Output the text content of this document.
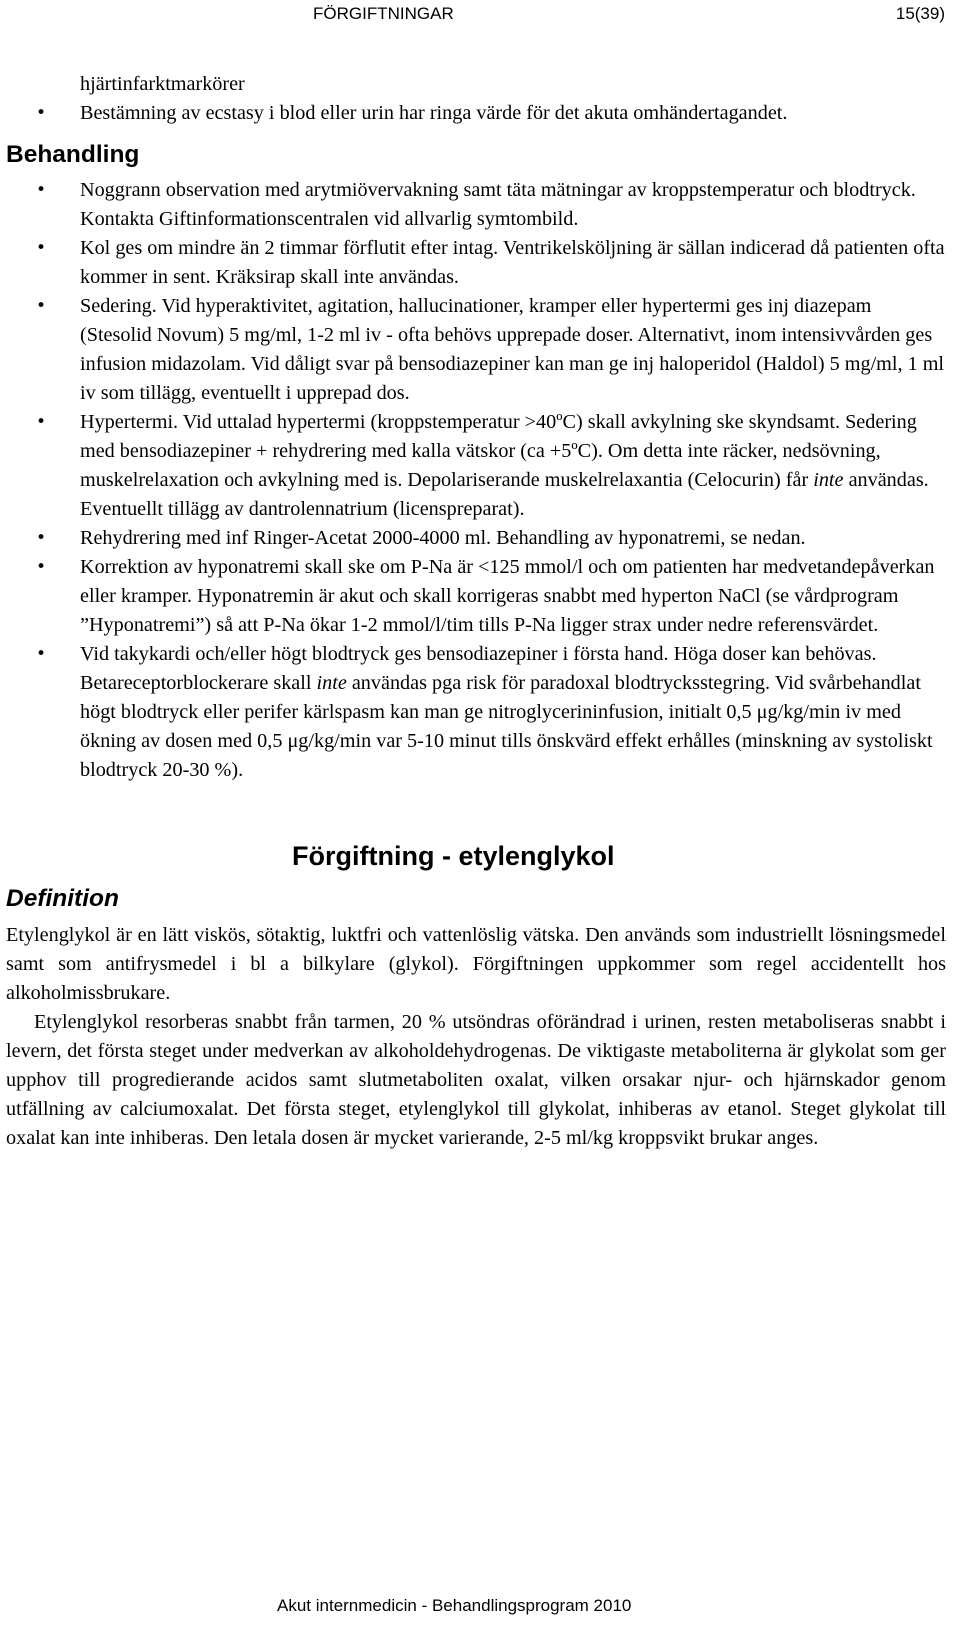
FÖRGIFTNINGAR	15(39)

hjärtinfarktmarkörer

• Bestämning av ecstasy i blod eller urin har ringa värde för det akuta omhändertagandet.
Behandling
• Noggrann observation med arytmiövervakning samt täta mätningar av kroppstemperatur och blodtryck. Kontakta Giftinformationscentralen vid allvarlig symtombild.
• Kol ges om mindre än 2 timmar förflutit efter intag. Ventrikelsköljning är sällan indicerad då patienten ofta kommer in sent. Kräksirap skall inte användas.
• Sedering. Vid hyperaktivitet, agitation, hallucinationer, kramper eller hypertermi ges inj diazepam (Stesolid Novum) 5 mg/ml, 1-2 ml iv - ofta behövs upprepade doser. Alternativt, inom intensivvården ges infusion midazolam. Vid dåligt svar på bensodiazepiner kan man ge inj haloperidol (Haldol) 5 mg/ml, 1 ml iv som tillägg, eventuellt i upprepad dos.
• Hypertermi. Vid uttalad hypertermi (kroppstemperatur >40ºC) skall avkylning ske skyndsamt. Sedering med bensodiazepiner + rehydrering med kalla vätskor (ca +5ºC). Om detta inte räcker, nedsövning, muskelrelaxation och avkylning med is. Depolariserande muskelrelaxantia (Celocurin) får inte användas. Eventuellt tillägg av dantrolennatrium (licenspreparat).
• Rehydrering med inf Ringer-Acetat 2000-4000 ml. Behandling av hyponatremi, se nedan.
• Korrektion av hyponatremi skall ske om P-Na är <125 mmol/l och om patienten har medvetandepåverkan eller kramper. Hyponatremin är akut och skall korrigeras snabbt med hyperton NaCl (se vårdprogram ”Hyponatremi”) så att P-Na ökar 1-2 mmol/l/tim tills P-Na ligger strax under nedre referensvärdet.
• Vid takykardi och/eller högt blodtryck ges bensodiazepiner i första hand. Höga doser kan behövas. Betareceptorblockerare skall inte användas pga risk för paradoxal blodtrycksstegring. Vid svårbehandlat högt blodtryck eller perifer kärlspasm kan man ge nitroglycerininfusion, initialt 0,5 μg/kg/min iv med ökning av dosen med 0,5 μg/kg/min var 5-10 minut tills önskvärd effekt erhålles (minskning av systoliskt blodtryck 20-30 %).
Förgiftning - etylenglykol
Definition

Etylenglykol är en lätt viskös, sötaktig, luktfri och vattenlöslig vätska. Den används som industriellt lösningsmedel samt som antifrysmedel i bl a bilkylare (glykol). Förgiftningen uppkommer som regel accidentellt hos alkoholmissbrukare.

Etylenglykol resorberas snabbt från tarmen, 20 % utsöndras oförändrad i urinen, resten metaboliseras snabbt i levern, det första steget under medverkan av alkoholdehydrogenas. De viktigaste metaboliterna är glykolat som ger upphov till progredierande acidos samt slutmetaboliten oxalat, vilken orsakar njur- och hjärnskador genom utfällning av calciumoxalat. Det första steget, etylenglykol till glykolat, inhiberas av etanol. Steget glykolat till oxalat kan inte inhiberas. Den letala dosen är mycket varierande, 2-5 ml/kg kroppsvikt brukar anges.

Akut internmedicin - Behandlingsprogram 2010
